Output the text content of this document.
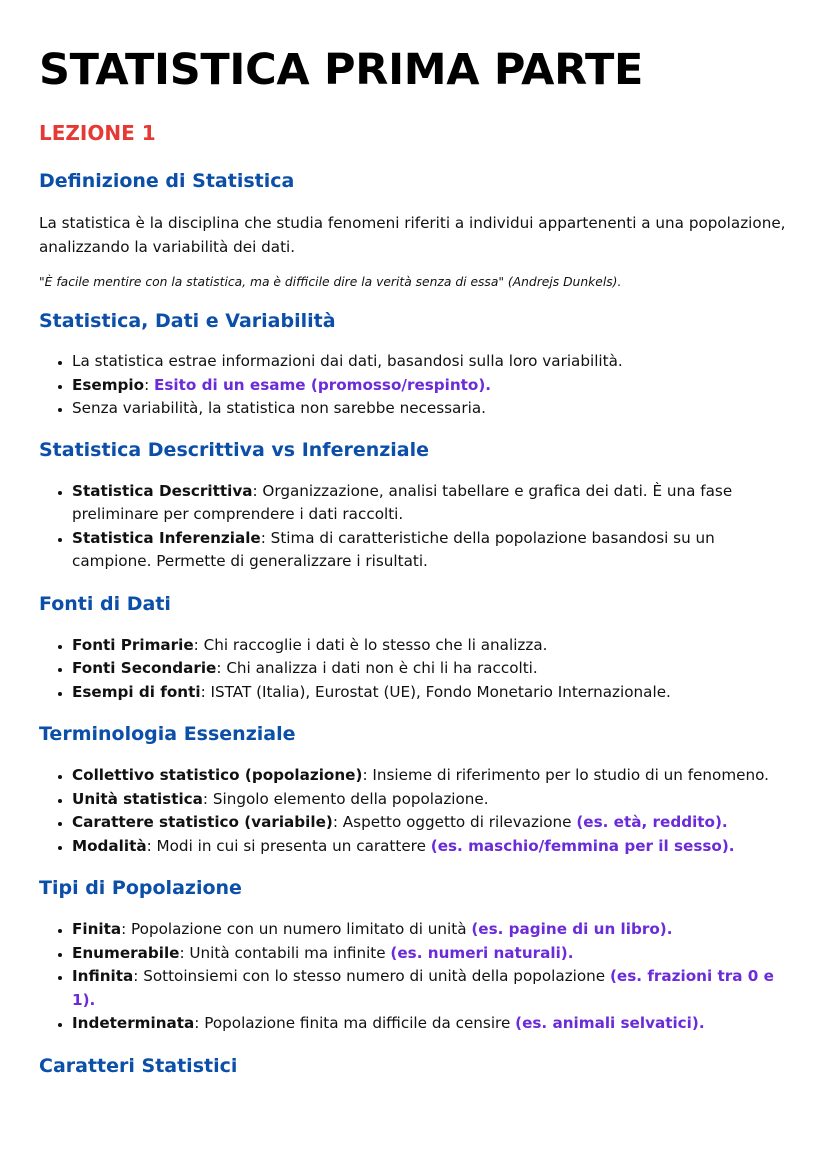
STATISTICA PRIMA PARTE
LEZIONE 1
Definizione di Statistica

La statistica è la disciplina che studia fenomeni riferiti a individui appartenenti a una popolazione, analizzando la variabilità dei dati.

"È facile mentire con la statistica, ma è difficile dire la verità senza di essa" (Andrejs Dunkels).

Statistica, Dati e Variabilità
• La statistica estrae informazioni dai dati, basandosi sulla loro variabilità.
• Esempio: Esito di un esame (promosso/respinto).
• Senza variabilità, la statistica non sarebbe necessaria.
Statistica Descrittiva vs Inferenziale
• Statistica Descrittiva: Organizzazione, analisi tabellare e grafica dei dati. È una fase preliminare per comprendere i dati raccolti.
• Statistica Inferenziale: Stima di caratteristiche della popolazione basandosi su un campione. Permette di generalizzare i risultati.
Fonti di Dati
• Fonti Primarie: Chi raccoglie i dati è lo stesso che li analizza.
• Fonti Secondarie: Chi analizza i dati non è chi li ha raccolti.
• Esempi di fonti: ISTAT (Italia), Eurostat (UE), Fondo Monetario Internazionale.
Terminologia Essenziale
• Collettivo statistico (popolazione): Insieme di riferimento per lo studio di un fenomeno.
• Unità statistica: Singolo elemento della popolazione.
• Carattere statistico (variabile): Aspetto oggetto di rilevazione (es. età, reddito).
• Modalità: Modi in cui si presenta un carattere (es. maschio/femmina per il sesso).
Tipi di Popolazione
• Finita: Popolazione con un numero limitato di unità (es. pagine di un libro).
• Enumerabile: Unità contabili ma infinite (es. numeri naturali).
• Infinita: Sottoinsiemi con lo stesso numero di unità della popolazione (es. frazioni tra 0 e 1).
• Indeterminata: Popolazione finita ma difficile da censire (es. animali selvatici).
Caratteri Statistici
